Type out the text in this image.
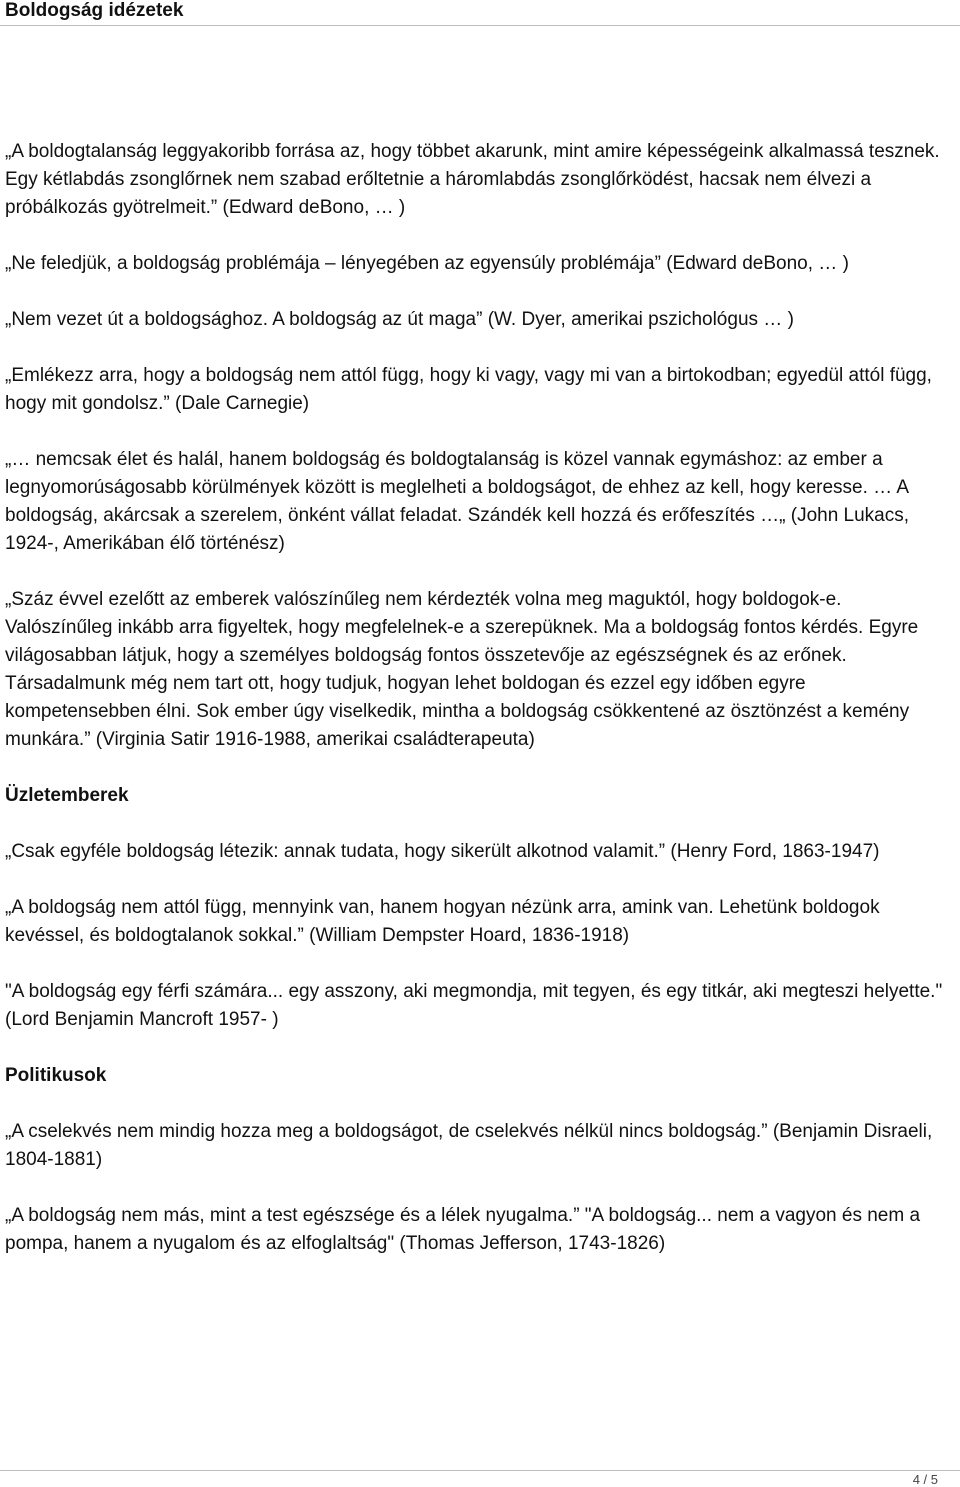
Boldogság idézetek

„A boldogtalanság leggyakoribb forrása az, hogy többet akarunk, mint amire képességeink alkalmassá tesznek. Egy kétlabdás zsonglőrnek nem szabad erőltetnie a háromlabdás zsonglőrködést, hacsak nem élvezi a próbálkozás gyötrelmeit.” (Edward deBono, … )

„Ne feledjük, a boldogság problémája – lényegében az egyensúly problémája” (Edward deBono, … )

„Nem vezet út a boldogsághoz. A boldogság az út maga” (W. Dyer, amerikai pszichológus … )

„Emlékezz arra, hogy a boldogság nem attól függ, hogy ki vagy, vagy mi van a birtokodban; egyedül attól függ, hogy mit gondolsz.” (Dale Carnegie)

„… nemcsak élet és halál, hanem boldogság és boldogtalanság is közel vannak egymáshoz: az ember a legnyomorúságosabb körülmények között is meglelheti a boldogságot, de ehhez az kell, hogy keresse. … A boldogság, akárcsak a szerelem, önként vállat feladat. Szándék kell hozzá és erőfeszítés …„ (John Lukacs, 1924-, Amerikában élő történész)

„Száz évvel ezelőtt az emberek valószínűleg nem kérdezték volna meg maguktól, hogy boldogok-e. Valószínűleg inkább arra figyeltek, hogy megfelelnek-e a szerepüknek. Ma a boldogság fontos kérdés. Egyre világosabban látjuk, hogy a személyes boldogság fontos összetevője az egészségnek és az erőnek. Társadalmunk még nem tart ott, hogy tudjuk, hogyan lehet boldogan és ezzel egy időben egyre kompetensebben élni. Sok ember úgy viselkedik, mintha a boldogság csökkentené az ösztönzést a kemény munkára.” (Virginia Satir 1916-1988, amerikai családterapeuta)

Üzletemberek

„Csak egyféle boldogság létezik: annak tudata, hogy sikerült alkotnod valamit.” (Henry Ford, 1863-1947)

„A boldogság nem attól függ, mennyink van, hanem hogyan nézünk arra, amink van. Lehetünk boldogok kevéssel, és boldogtalanok sokkal.” (William Dempster Hoard, 1836-1918)

"A boldogság egy férfi számára... egy asszony, aki megmondja, mit tegyen, és egy titkár, aki megteszi helyette." (Lord Benjamin Mancroft 1957- )

Politikusok

„A cselekvés nem mindig hozza meg a boldogságot, de cselekvés nélkül nincs boldogság.” (Benjamin Disraeli, 1804-1881)

„A boldogság nem más, mint a test egészsége és a lélek nyugalma.” "A boldogság... nem a vagyon és nem a pompa, hanem a nyugalom és az elfoglaltság" (Thomas Jefferson, 1743-1826)

4 / 5
